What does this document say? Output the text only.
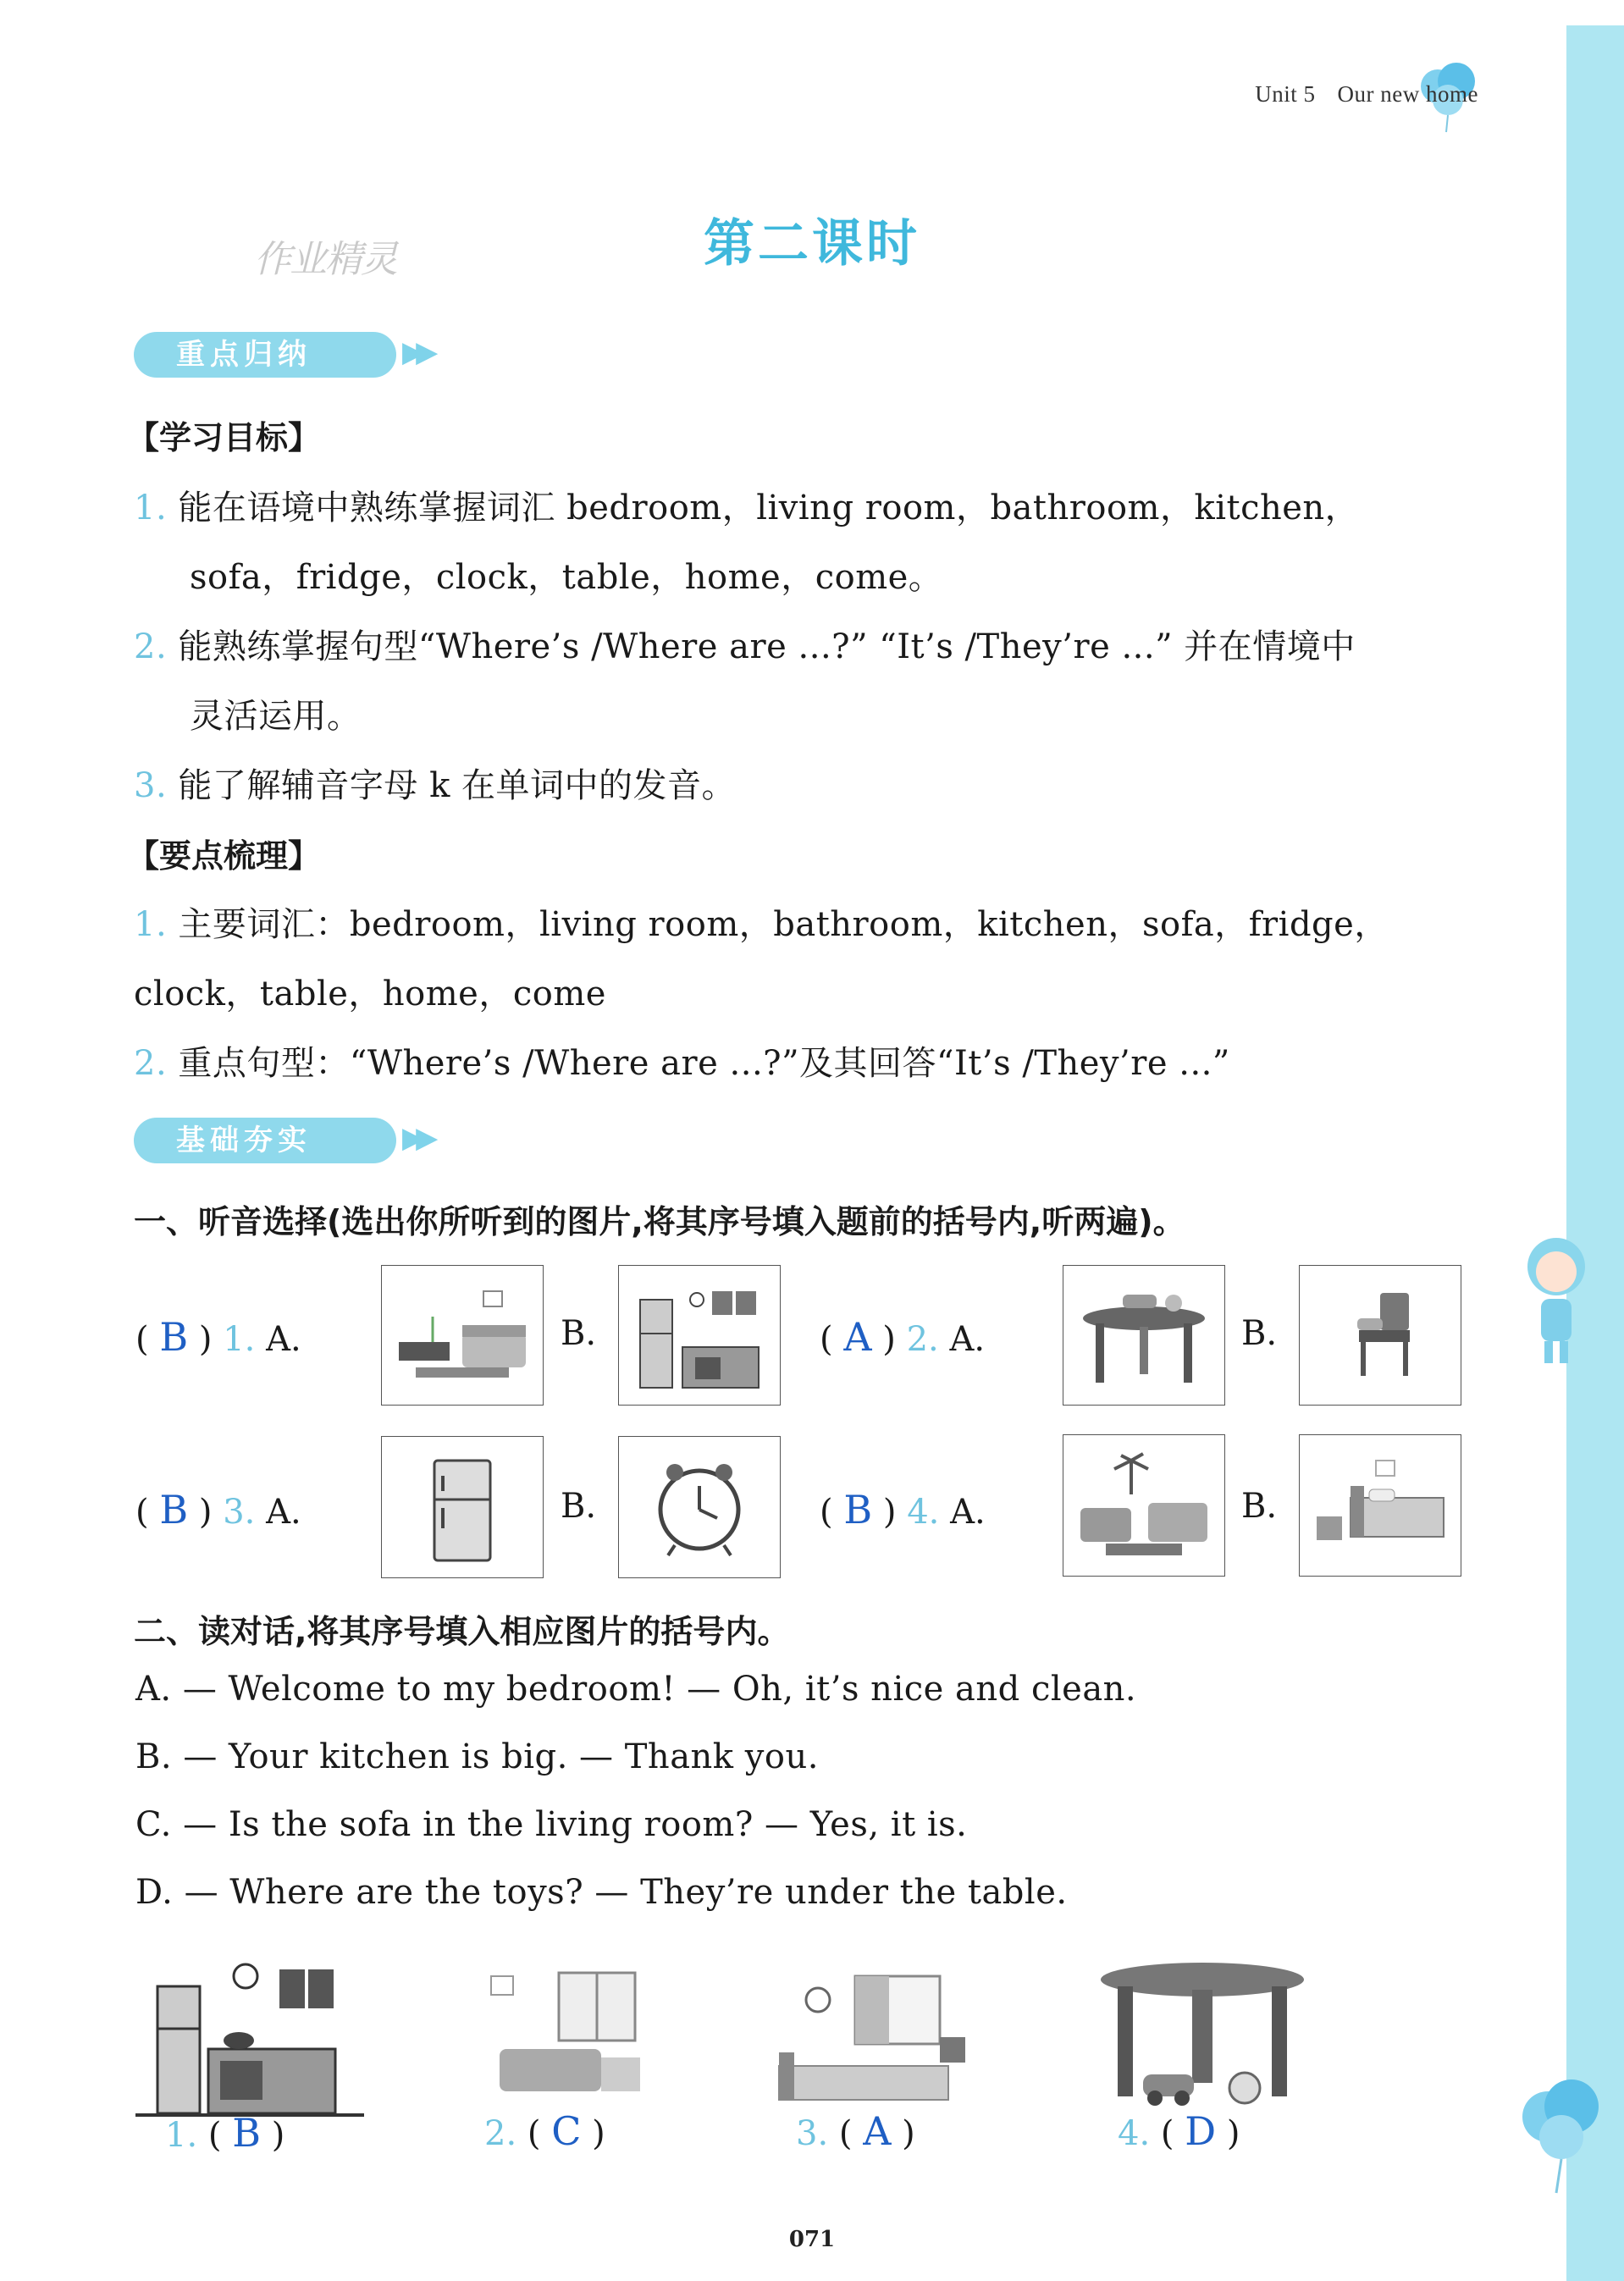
Unit 5 Our new home
第二课时
作业精灵
重点归纳	▶▶
【学习目标】
1. 能在语境中熟练掌握词汇 bedroom，living room，bathroom，kitchen，
sofa，fridge，clock，table，home，come。
2. 能熟练掌握句型“Where’s /Where are ...?” “It’s /They’re ...” 并在情境中
灵活运用。
3. 能了解辅音字母 k 在单词中的发音。
【要点梳理】
1. 主要词汇：bedroom，living room，bathroom，kitchen，sofa，fridge，
clock，table，home，come
2. 重点句型：“Where’s /Where are ...?”及其回答“It’s /They’re ...”
基础夯实	▶▶
一、听音选择(选出你所听到的图片,将其序号填入题前的括号内,听两遍)。
( B ) 1. A.	B.	( A ) 2. A.	B.
( B ) 3. A.	B.	( B ) 4. A.	B.
二、读对话,将其序号填入相应图片的括号内。
A. — Welcome to my bedroom! — Oh, it’s nice and clean.
B. — Your kitchen is big. — Thank you.
C. — Is the sofa in the living room? — Yes, it is.
D. — Where are the toys? — They’re under the table.
1. ( B )	2. ( C )	3. ( A )	4. ( D )
071
